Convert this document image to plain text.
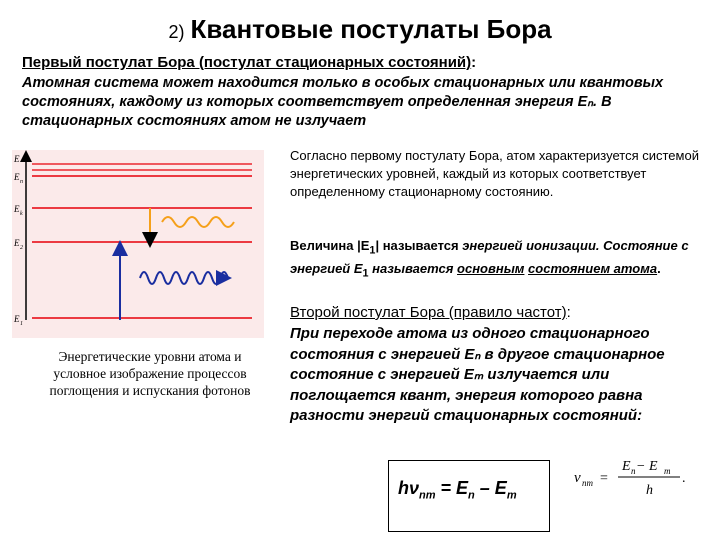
2) Квантовые постулаты Бора
Первый постулат Бора (постулат стационарных состояний):
Атомная система может находится только в особых стационарных или квантовых состояниях, каждому из которых соответствует определенная энергия Eₙ. В стационарных состояниях атом не излучает
E
E n
E k
E 2
E 1
Энергетические уровни атома и условное изображение процессов поглощения и испускания фотонов
Согласно первому постулату Бора, атом характеризуется системой энергетических уровней, каждый из которых соответствует определенному стационарному состоянию.
Величина $|E_1|$ называется энергией ионизации. Состояние с энергией $E_1$ называется основным состоянием атома.
Второй постулат Бора (правило частот):
При переходе атома из одного стационарного состояния с энергией Eₙ в другое стационарное состояние с энергией Eₘ излучается или поглощается квант, энергия которого равна разности энергий стационарных состояний:
$h\nu_{nm} = E_n - E_m$
ν nm =
E n − E m
h
.
